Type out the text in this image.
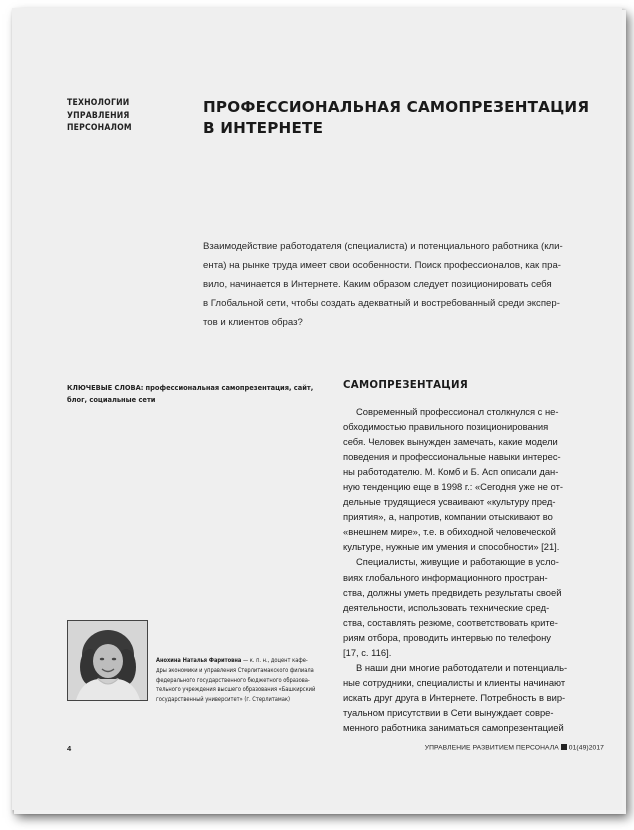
ТЕХНОЛОГИИ
УПРАВЛЕНИЯ
ПЕРСОНАЛОМ
ПРОФЕССИОНАЛЬНАЯ САМОПРЕЗЕНТАЦИЯ
В ИНТЕРНЕТЕ
Взаимодействие работодателя (специалиста) и потенциального работника (кли-
ента) на рынке труда имеет свои особенности. Поиск профессионалов, как пра-
вило, начинается в Интернете. Каким образом следует позиционировать себя
в Глобальной сети, чтобы создать адекватный и востребованный среди экспер-
тов и клиентов образ?
КЛЮЧЕВЫЕ СЛОВА: профессиональная самопрезентация, сайт,
блог, социальные сети
Анохина Наталья Фаритовна — к. п. н., доцент кафе-
дры экономики и управления Стерлитамакского филиала
федерального государственного бюджетного образова-
тельного учреждения высшего образования «Башкирский
государственный университет» (г. Стерлитамак)
САМОПРЕЗЕНТАЦИЯ
Современный профессионал столкнулся с не-
обходимостью правильного позиционирования
себя. Человек вынужден замечать, какие модели
поведения и профессиональные навыки интерес-
ны работодателю. М. Комб и Б. Асп описали дан-
ную тенденцию еще в 1998 г.: «Сегодня уже не от-
дельные трудящиеся усваивают «культуру пред-
приятия», а, напротив, компании отыскивают во
«внешнем мире», т.е. в обиходной человеческой
культуре, нужные им умения и способности» [21].
Специалисты, живущие и работающие в усло-
виях глобального информационного простран-
ства, должны уметь предвидеть результаты своей
деятельности, использовать технические сред-
ства, составлять резюме, соответствовать крите-
риям отбора, проводить интервью по телефону
[17, с. 116].
В наши дни многие работодатели и потенциаль-
ные сотрудники, специалисты и клиенты начинают
искать друг друга в Интернете. Потребность в вир-
туальном присутствии в Сети вынуждает совре-
менного работника заниматься самопрезентацией
4	УПРАВЛЕНИЕ РАЗВИТИЕМ ПЕРСОНАЛА 01(49)2017
